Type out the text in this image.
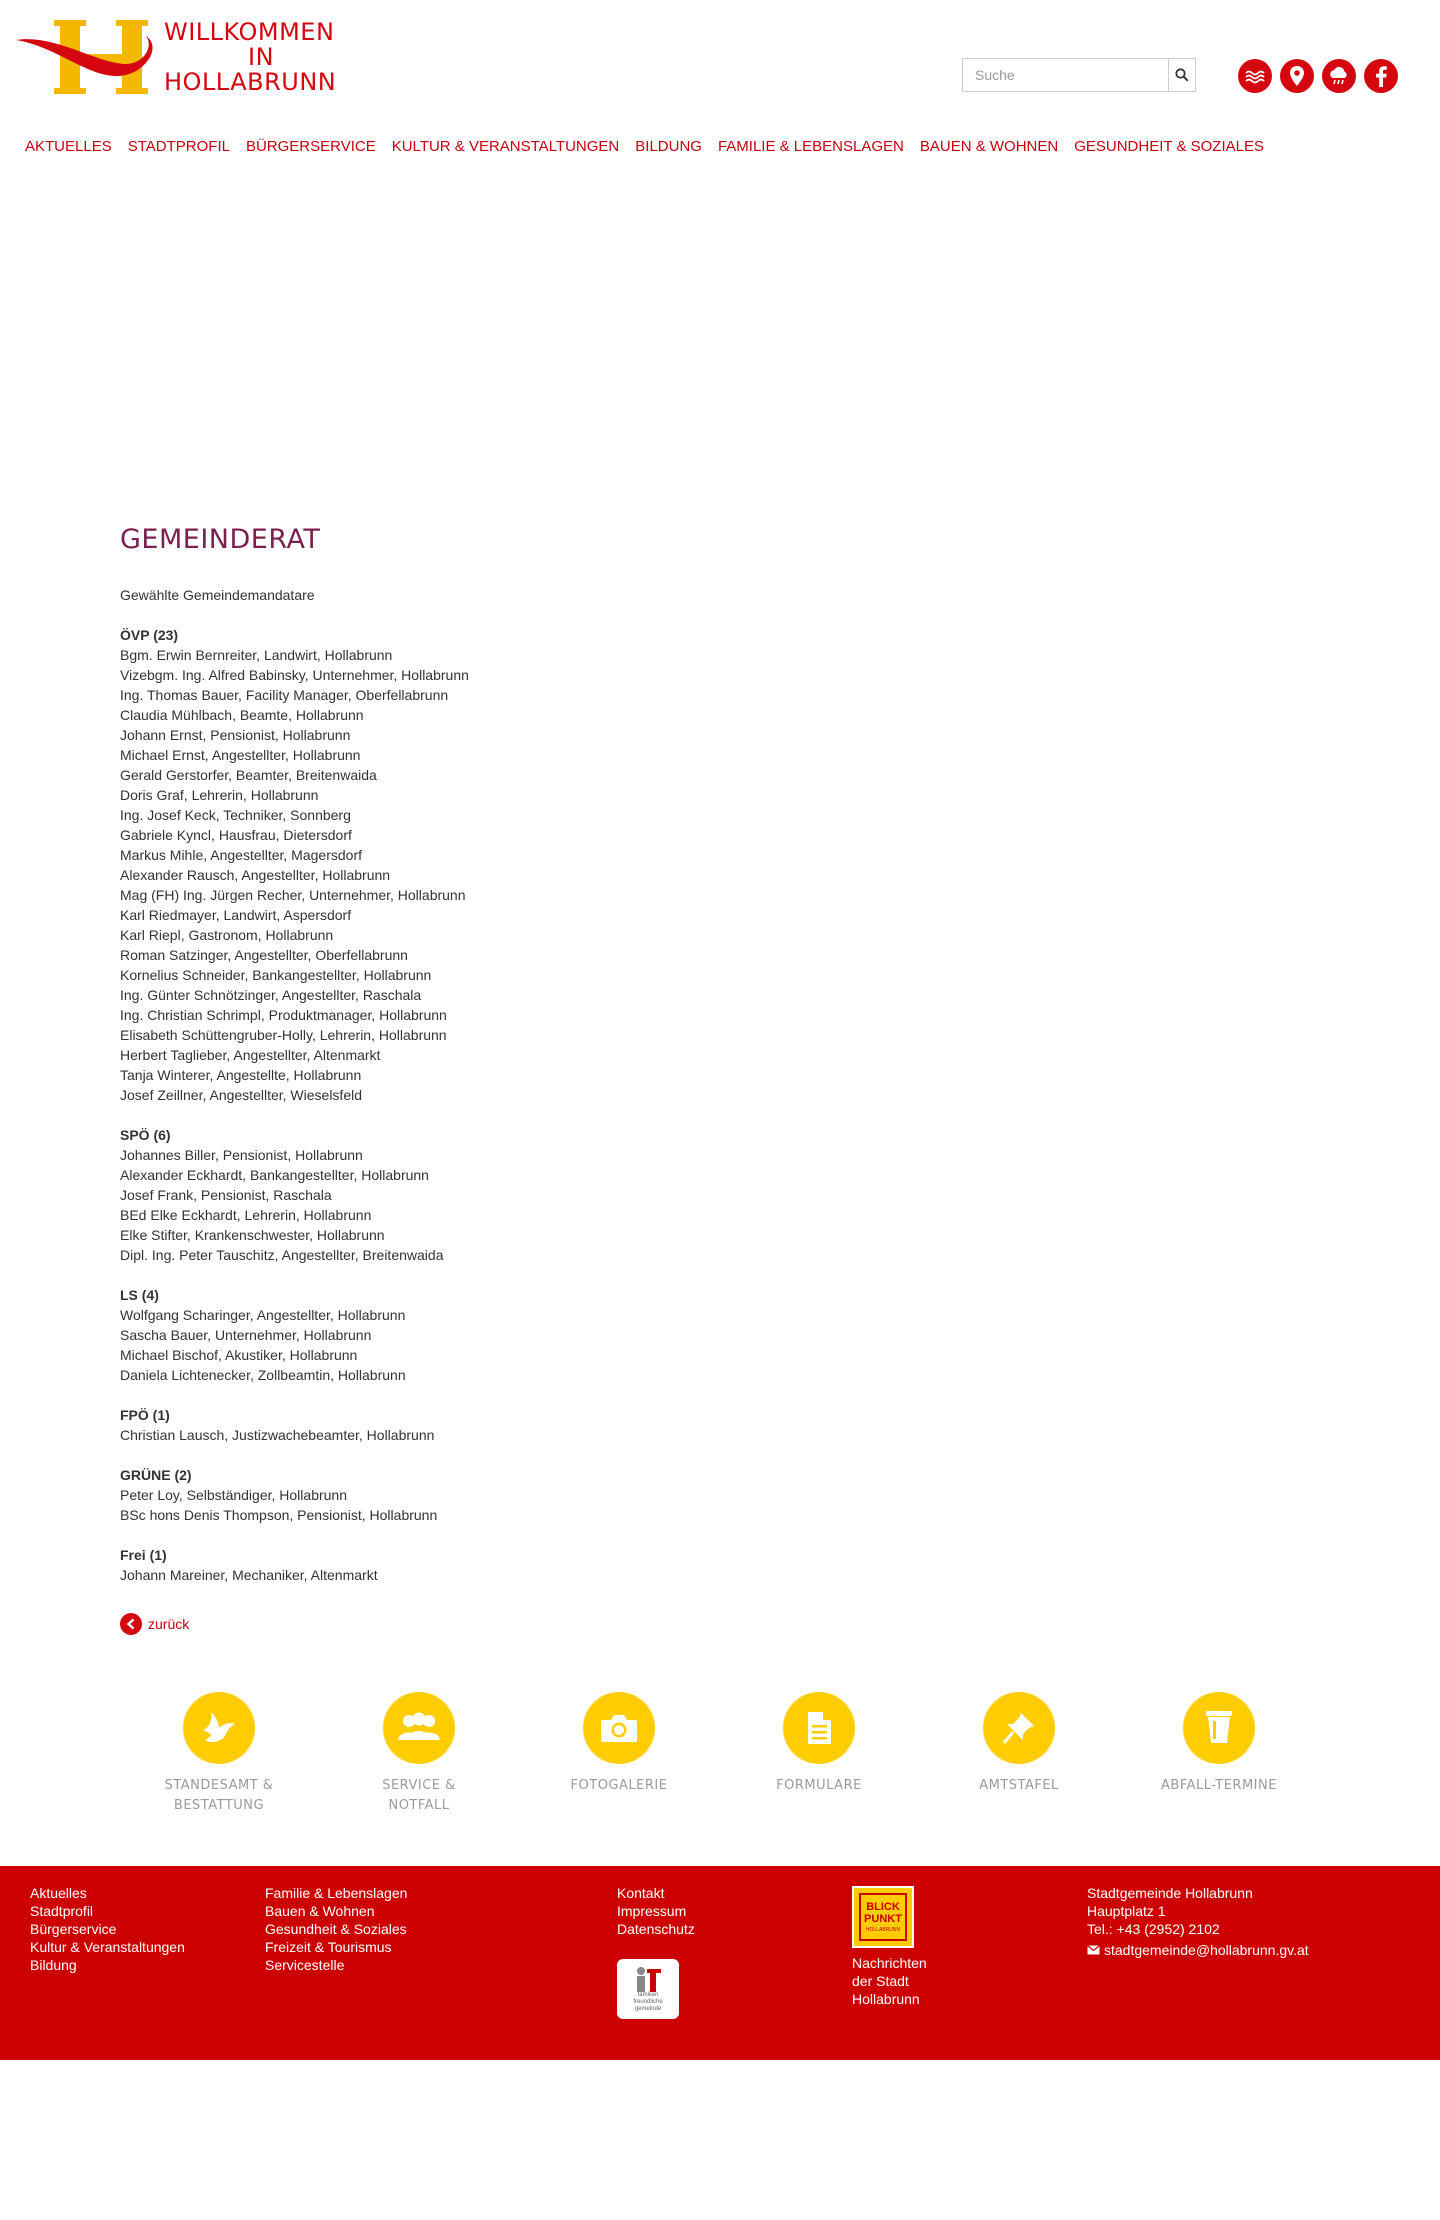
WILLKOMMEN
IN
HOLLABRUNN
Suche
AKTUELLES	STADTPROFIL	BÜRGERSERVICE	KULTUR & VERANSTALTUNGEN	BILDUNG	FAMILIE & LEBENSLAGEN	BAUEN & WOHNEN	GESUNDHEIT & SOZIALES
GEMEINDERAT

Gewählte Gemeindemandatare

ÖVP (23)
Bgm. Erwin Bernreiter, Landwirt, Hollabrunn
Vizebgm. Ing. Alfred Babinsky, Unternehmer, Hollabrunn
Ing. Thomas Bauer, Facility Manager, Oberfellabrunn
Claudia Mühlbach, Beamte, Hollabrunn
Johann Ernst, Pensionist, Hollabrunn
Michael Ernst, Angestellter, Hollabrunn
Gerald Gerstorfer, Beamter, Breitenwaida
Doris Graf, Lehrerin, Hollabrunn
Ing. Josef Keck, Techniker, Sonnberg
Gabriele Kyncl, Hausfrau, Dietersdorf
Markus Mihle, Angestellter, Magersdorf
Alexander Rausch, Angestellter, Hollabrunn
Mag (FH) Ing. Jürgen Recher, Unternehmer, Hollabrunn
Karl Riedmayer, Landwirt, Aspersdorf
Karl Riepl, Gastronom, Hollabrunn
Roman Satzinger, Angestellter, Oberfellabrunn
Kornelius Schneider, Bankangestellter, Hollabrunn
Ing. Günter Schnötzinger, Angestellter, Raschala
Ing. Christian Schrimpl, Produktmanager, Hollabrunn
Elisabeth Schüttengruber-Holly, Lehrerin, Hollabrunn
Herbert Taglieber, Angestellter, Altenmarkt
Tanja Winterer, Angestellte, Hollabrunn
Josef Zeillner, Angestellter, Wieselsfeld
SPÖ (6)
Johannes Biller, Pensionist, Hollabrunn
Alexander Eckhardt, Bankangestellter, Hollabrunn
Josef Frank, Pensionist, Raschala
BEd Elke Eckhardt, Lehrerin, Hollabrunn
Elke Stifter, Krankenschwester, Hollabrunn
Dipl. Ing. Peter Tauschitz, Angestellter, Breitenwaida
LS (4)
Wolfgang Scharinger, Angestellter, Hollabrunn
Sascha Bauer, Unternehmer, Hollabrunn
Michael Bischof, Akustiker, Hollabrunn
Daniela Lichtenecker, Zollbeamtin, Hollabrunn
FPÖ (1)
Christian Lausch, Justizwachebeamter, Hollabrunn
GRÜNE (2)
Peter Loy, Selbständiger, Hollabrunn
BSc hons Denis Thompson, Pensionist, Hollabrunn
Frei (1)
Johann Mareiner, Mechaniker, Altenmarkt
zurück
STANDESAMT &
BESTATTUNG
SERVICE &
NOTFALL
FOTOGALERIE	FORMULARE	AMTSTAFEL	ABFALL-TERMINE
Aktuelles
Stadtprofil
Bürgerservice
Kultur & Veranstaltungen
Bildung
Familie & Lebenslagen
Bauen & Wohnen
Gesundheit & Soziales
Freizeit & Tourismus
Servicestelle
Kontakt
Impressum
Datenschutz
familien
freundliche
gemeinde
BLICK
PUNKT
HOLLABRUNN
Nachrichten
der Stadt
Hollabrunn
Stadtgemeinde Hollabrunn
Hauptplatz 1
Tel.: +43 (2952) 2102
stadtgemeinde@hollabrunn.gv.at
